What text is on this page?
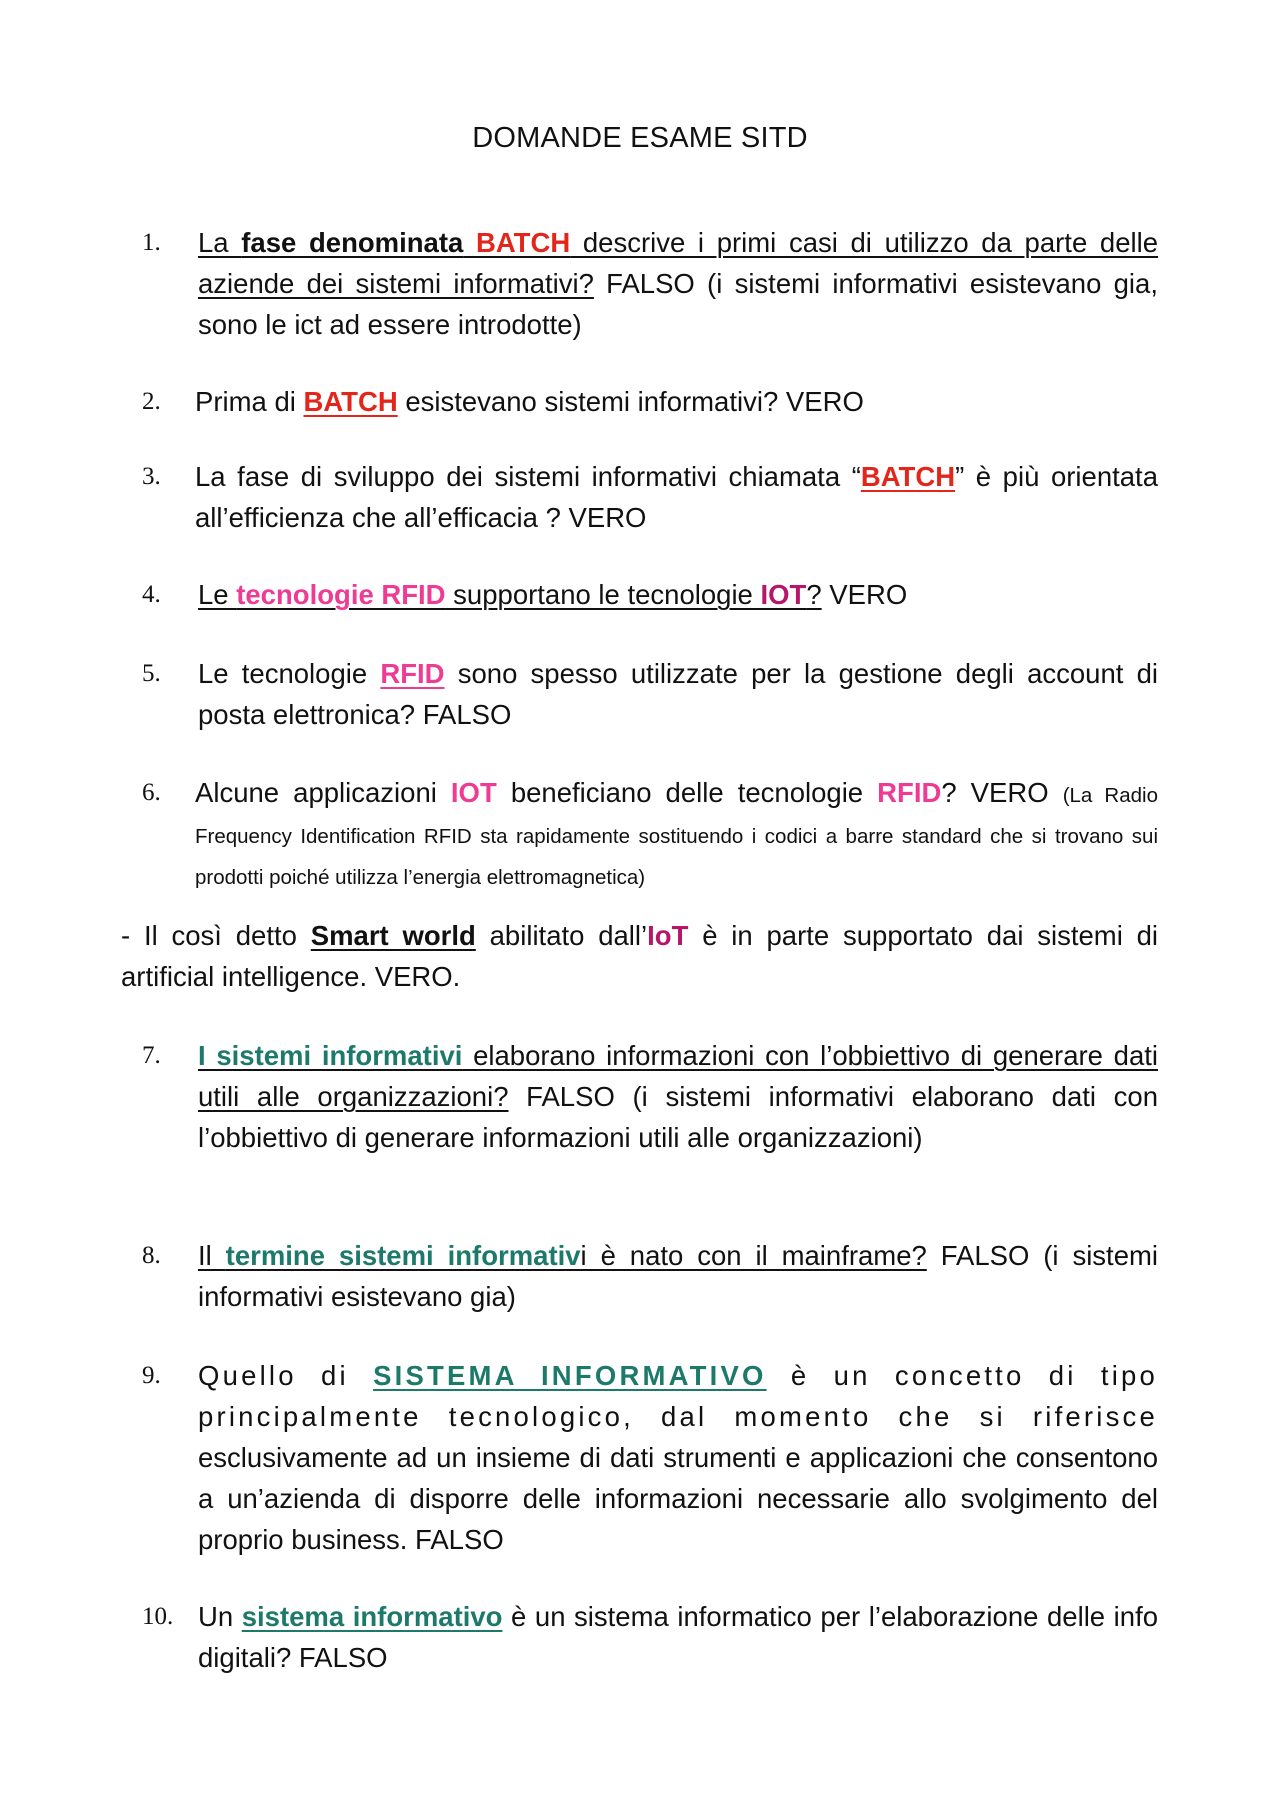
DOMANDE ESAME SITD
1. La fase denominata BATCH descrive i primi casi di utilizzo da parte delle aziende dei sistemi informativi? FALSO (i sistemi informativi esistevano gia, sono le ict ad essere introdotte)
2. Prima di BATCH esistevano sistemi informativi? VERO
3. La fase di sviluppo dei sistemi informativi chiamata “BATCH” è più orientata all’efficienza che all’efficacia ? VERO
4. Le tecnologie RFID supportano le tecnologie IOT? VERO
5. Le tecnologie RFID sono spesso utilizzate per la gestione degli account di posta elettronica? FALSO
6. Alcune applicazioni IOT beneficiano delle tecnologie RFID? VERO (La Radio Frequency Identification RFID sta rapidamente sostituendo i codici a barre standard che si trovano sui prodotti poiché utilizza l’energia elettromagnetica)
- Il così detto Smart world abilitato dall’IoT è in parte supportato dai sistemi di artificial intelligence. VERO.
7. I sistemi informativi elaborano informazioni con l’obbiettivo di generare dati utili alle organizzazioni? FALSO (i sistemi informativi elaborano dati con l’obbiettivo di generare informazioni utili alle organizzazioni)
8. Il termine sistemi informativi è nato con il mainframe? FALSO (i sistemi informativi esistevano gia)
9. Quello di SISTEMA INFORMATIVO è un concetto di tipo principalmente tecnologico, dal momento che si riferisce esclusivamente ad un insieme di dati strumenti e applicazioni che consentono a un’azienda di disporre delle informazioni necessarie allo svolgimento del proprio business. FALSO
10. Un sistema informativo è un sistema informatico per l’elaborazione delle info digitali? FALSO
